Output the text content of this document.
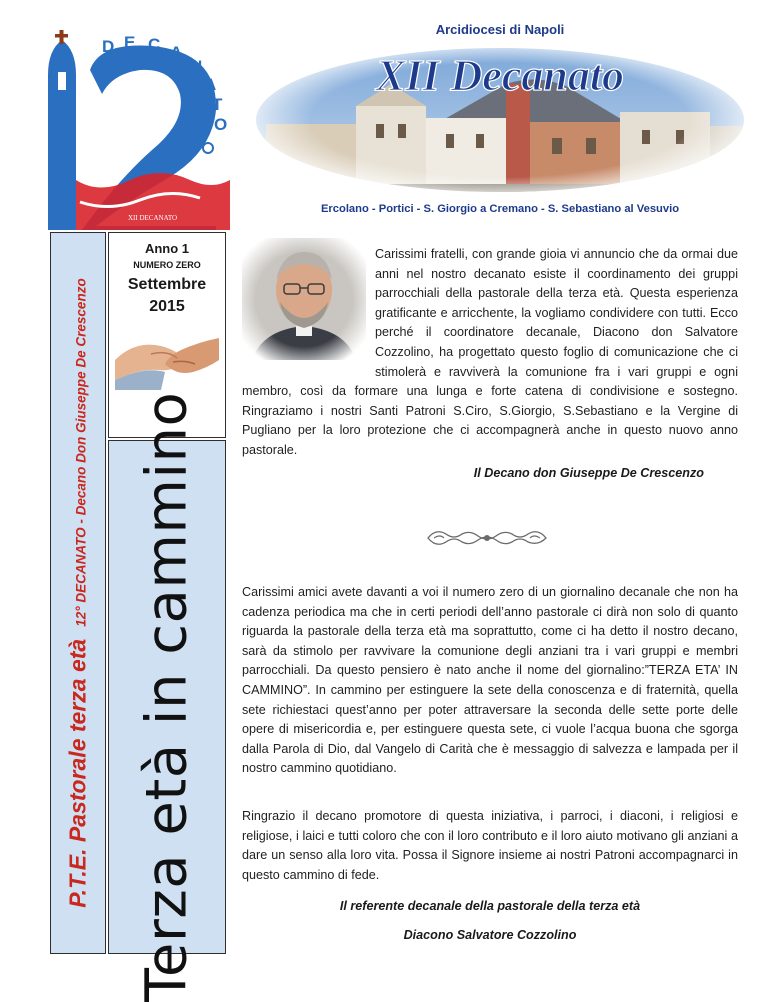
12
D E C A
N
A
T
O
XII DECANATO
Arcidiocesi di Napoli
XII Decanato
Ercolano - Portici - S. Giorgio a Cremano - S. Sebastiano al Vesuvio
P.T.E. Pastorale terza età
12° DECANATO - Decano Don Giuseppe De Crescenzo
Anno 1
NUMERO ZERO
Settembre
2015
Terza età in cammino
Carissimi fratelli, con grande gioia vi annuncio che da ormai due anni nel nostro decanato esiste il coordinamento dei gruppi parrocchiali della pastorale della terza età. Questa esperienza gratificante e arricchente, la vogliamo condividere con tutti. Ecco perché il coordinatore decanale, Diacono don Salvatore Cozzolino, ha progettato questo foglio di comunicazione che ci stimolerà e ravviverà la comunione fra i vari gruppi e ogni membro, così da formare una lunga e forte catena di condivisione e sostegno. Ringraziamo i nostri Santi Patroni S.Ciro, S.Giorgio, S.Sebastiano e la Vergine di Pugliano per la loro protezione che ci accompagnerà anche in questo nuovo anno pastorale.
Il Decano don Giuseppe De Crescenzo
Carissimi amici avete davanti a voi il numero zero di un giornalino decanale che non ha cadenza periodica ma che in certi periodi dell’anno pastorale ci dirà non solo di quanto riguarda la pastorale della terza età ma soprattutto, come ci ha detto il nostro decano, sarà da stimolo per ravvivare la comunione degli anziani tra i vari gruppi e membri parrocchiali. Da questo pensiero è nato anche il nome del giornalino:”TERZA ETA’ IN CAMMINO”. In cammino per estinguere la sete della conoscenza e di fraternità, quella sete richiestaci quest’anno per poter attraversare la seconda delle sette porte delle opere di misericordia e, per estinguere questa sete, ci vuole l’acqua buona che sgorga dalla Parola di Dio, dal Vangelo di Carità che è messaggio di salvezza e lampada per il nostro cammino quotidiano.
Ringrazio il decano promotore di questa iniziativa, i parroci, i diaconi, i religiosi e religiose, i laici e tutti coloro che con il loro contributo e il loro aiuto motivano gli anziani a dare un senso alla loro vita. Possa il Signore insieme ai nostri Patroni accompagnarci in questo cammino di fede.
Il referente decanale della pastorale della terza età
Diacono Salvatore Cozzolino
